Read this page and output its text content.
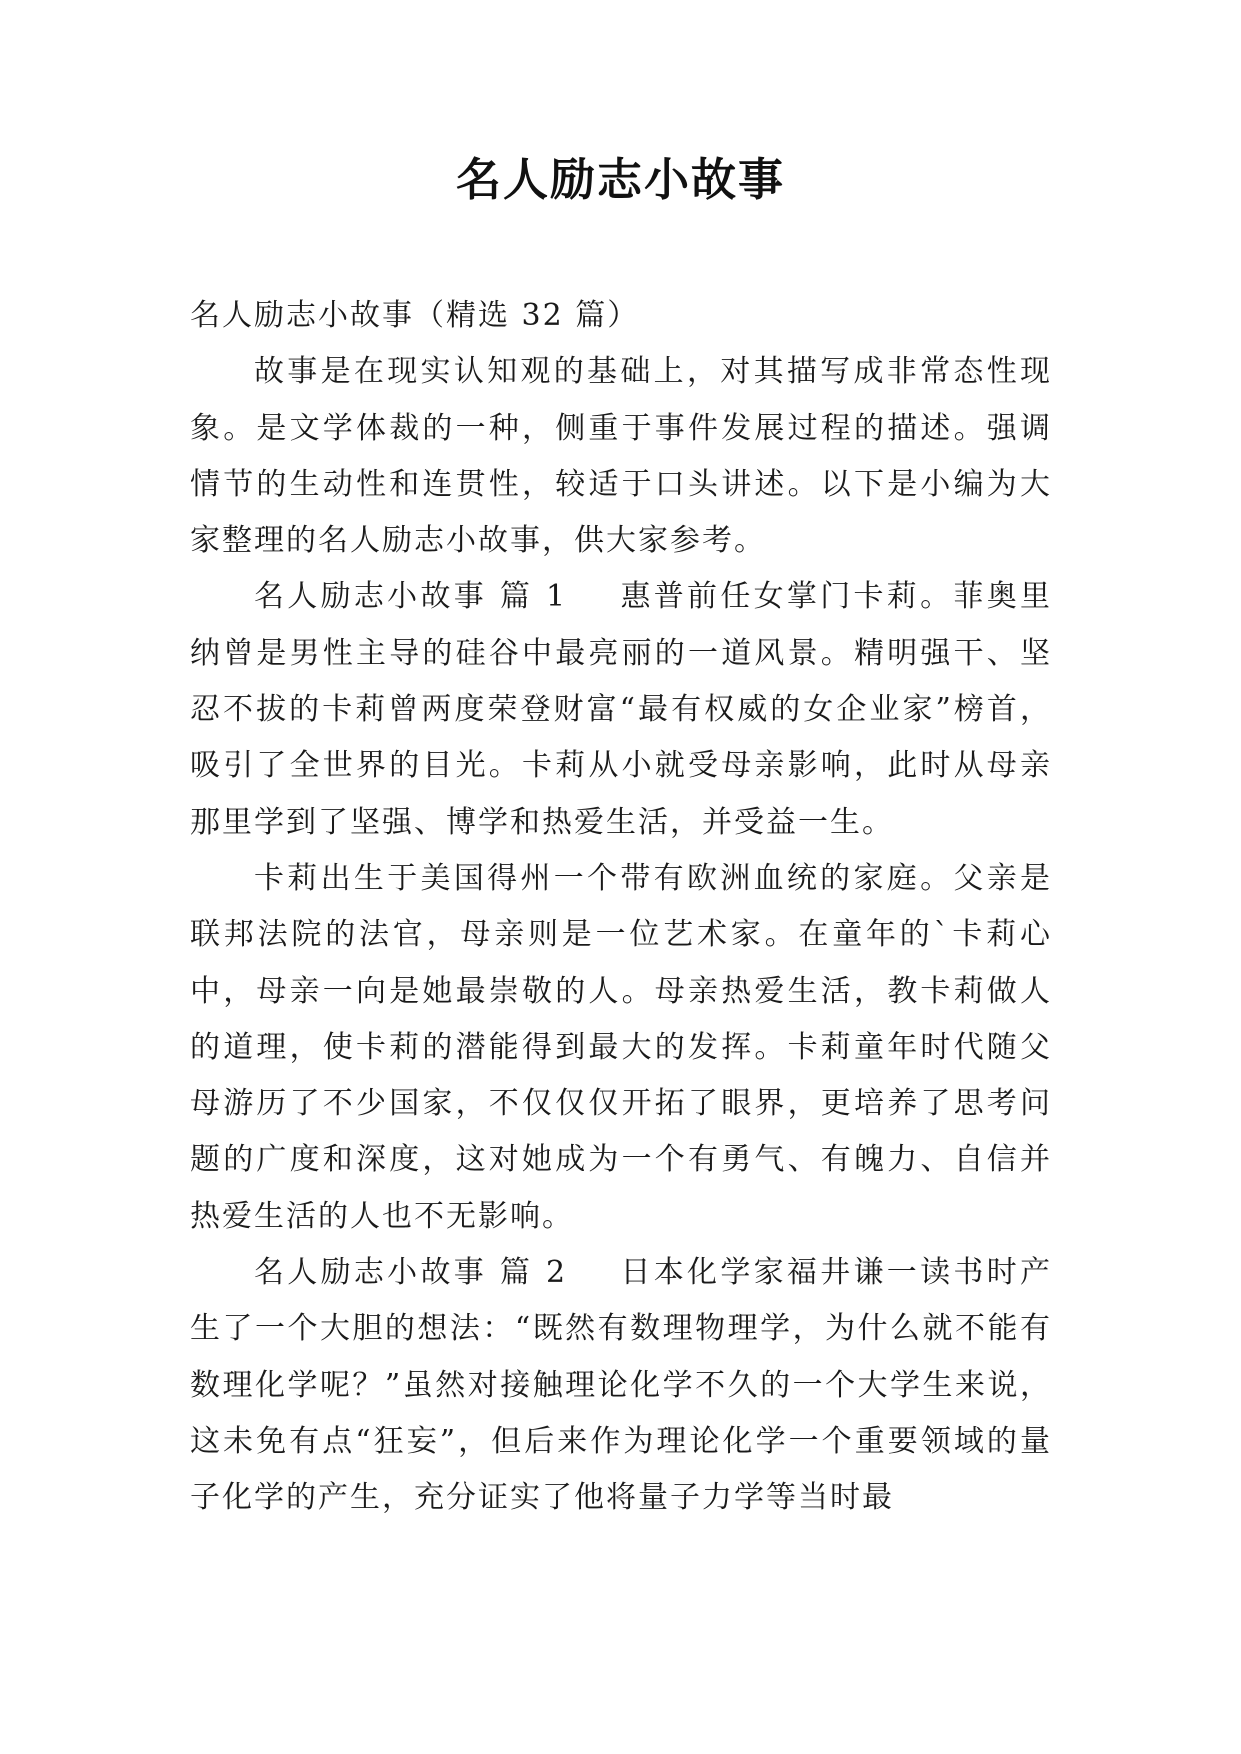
名人励志小故事

名人励志小故事（精选 32 篇）

故事是在现实认知观的基础上，对其描写成非常态性现象。是文学体裁的一种，侧重于事件发展过程的描述。强调情节的生动性和连贯性，较适于口头讲述。以下是小编为大家整理的名人励志小故事，供大家参考。

名人励志小故事 篇 1 惠普前任女掌门卡莉。菲奥里纳曾是男性主导的硅谷中最亮丽的一道风景。精明强干、坚忍不拔的卡莉曾两度荣登财富“最有权威的女企业家”榜首，吸引了全世界的目光。卡莉从小就受母亲影响，此时从母亲那里学到了坚强、博学和热爱生活，并受益一生。

卡莉出生于美国得州一个带有欧洲血统的家庭。父亲是联邦法院的法官，母亲则是一位艺术家。在童年的`卡莉心中，母亲一向是她最崇敬的人。母亲热爱生活，教卡莉做人的道理，使卡莉的潜能得到最大的发挥。卡莉童年时代随父母游历了不少国家，不仅仅仅开拓了眼界，更培养了思考问题的广度和深度，这对她成为一个有勇气、有魄力、自信并热爱生活的人也不无影响。

名人励志小故事 篇 2 日本化学家福井谦一读书时产生了一个大胆的想法：“既然有数理物理学，为什么就不能有数理化学呢？”虽然对接触理论化学不久的一个大学生来说，这未免有点“狂妄”，但后来作为理论化学一个重要领域的量子化学的产生，充分证实了他将量子力学等当时最
